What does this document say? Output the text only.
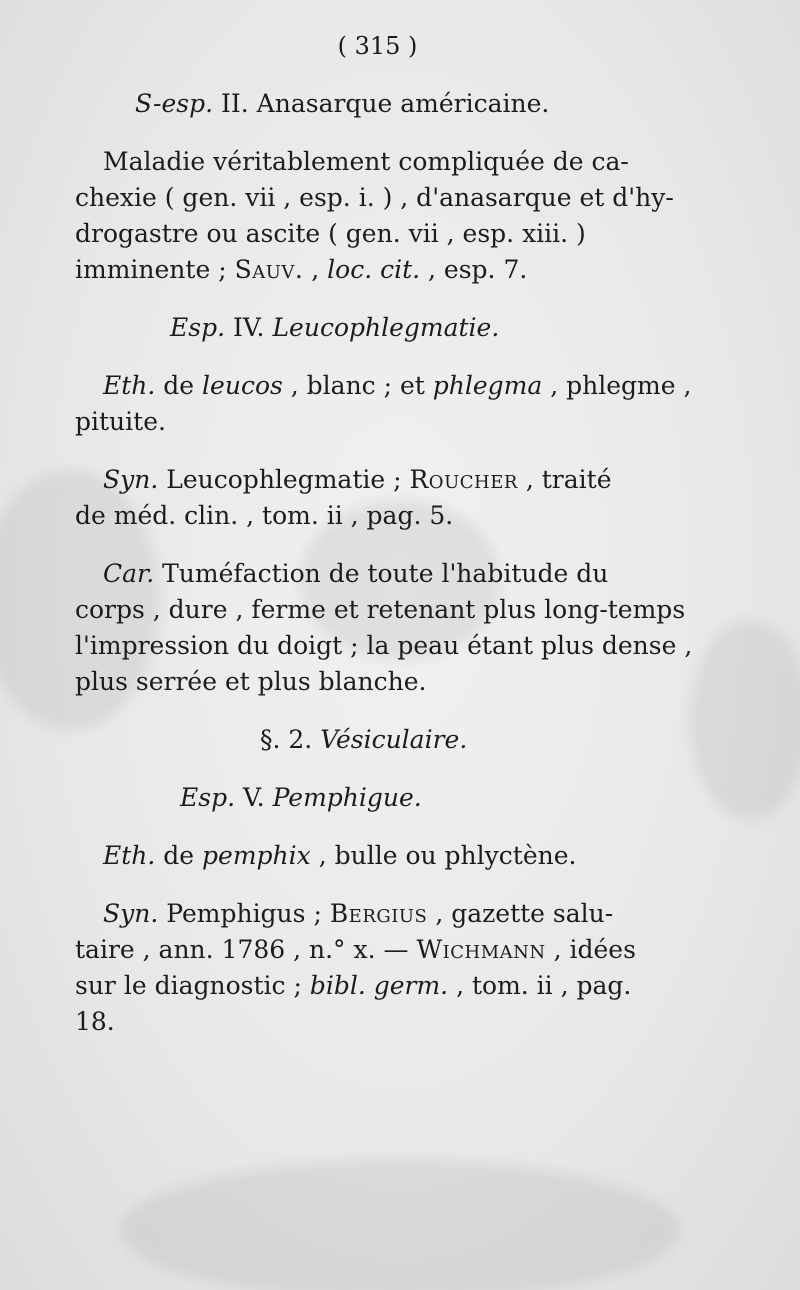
( 315 )

S-esp. II. Anasarque américaine.

Maladie véritablement compliquée de ca-

chexie ( gen. vii , esp. i. ) , d'anasarque et d'hy-

drogastre ou ascite ( gen. vii , esp. xiii. )

imminente ; Sauv. , loc. cit. , esp. 7.

Esp. IV. Leucophlegmatie.

Eth. de leucos , blanc ; et phlegma , phlegme ,

pituite.

Syn. Leucophlegmatie ; Roucher , traité

de méd. clin. , tom. ii , pag. 5.

Car. Tuméfaction de toute l'habitude du

corps , dure , ferme et retenant plus long-temps

l'impression du doigt ; la peau étant plus dense ,

plus serrée et plus blanche.

§. 2. Vésiculaire.

Esp. V. Pemphigue.

Eth. de pemphix , bulle ou phlyctène.

Syn. Pemphigus ; Bergius , gazette salu-

taire , ann. 1786 , n.° x. — Wichmann , idées

sur le diagnostic ; bibl. germ. , tom. ii , pag.

18.
